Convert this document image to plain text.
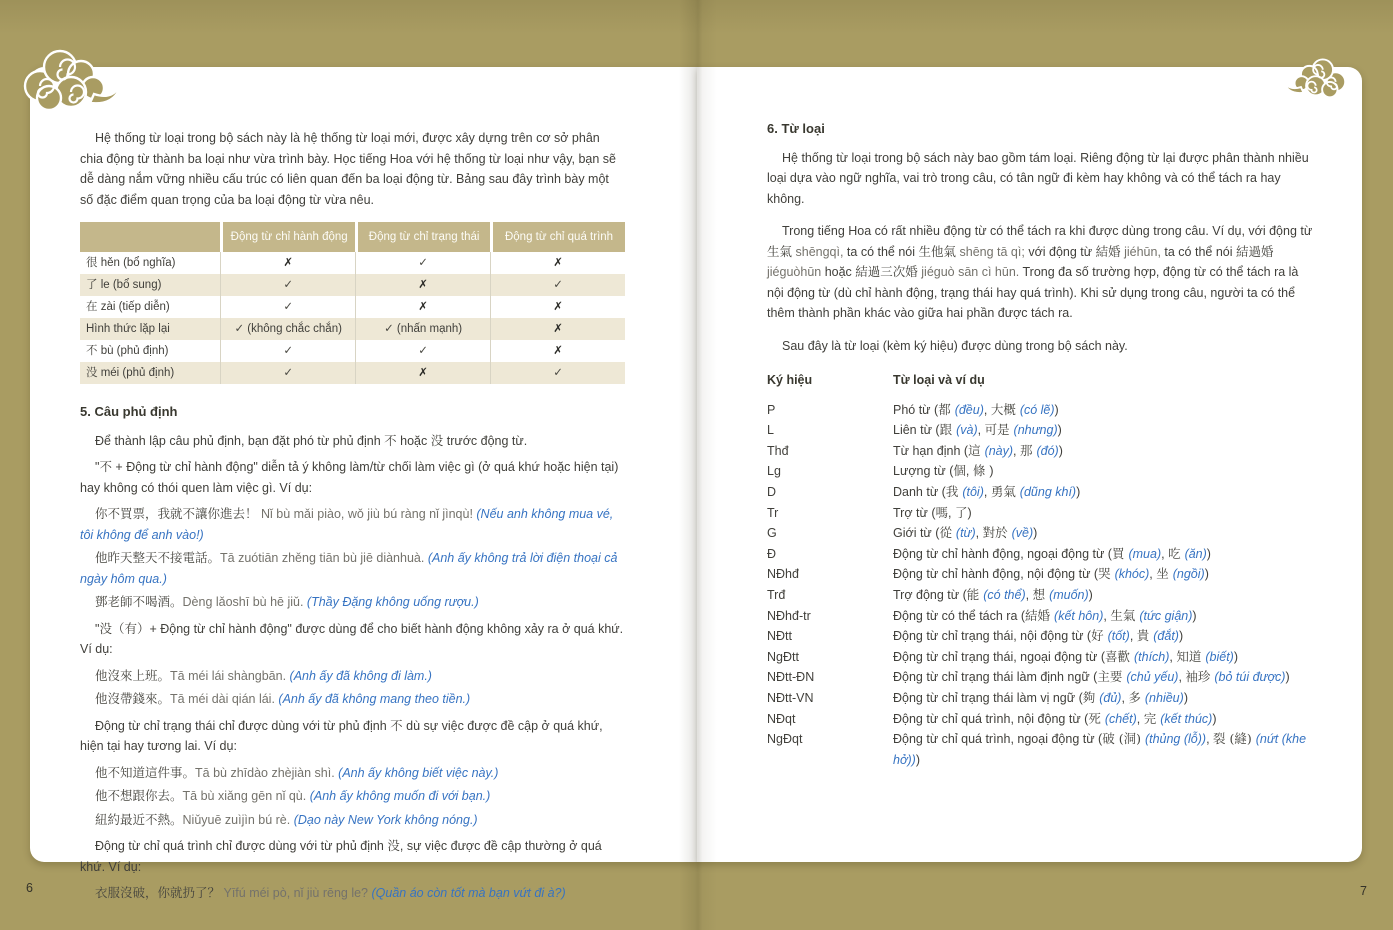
Hệ thống từ loại trong bộ sách này là hệ thống từ loại mới, được xây dựng trên cơ sở phân chia động từ thành ba loại như vừa trình bày. Học tiếng Hoa với hệ thống từ loại như vậy, bạn sẽ dễ dàng nắm vững nhiều cấu trúc có liên quan đến ba loại động từ. Bảng sau đây trình bày một số đặc điểm quan trọng của ba loại động từ vừa nêu.

	Động từ chỉ hành động	Động từ chỉ trạng thái	Động từ chỉ quá trình
很 hěn (bổ nghĩa)	✗	✓	✗
了 le (bổ sung)	✓	✗	✓
在 zài (tiếp diễn)	✓	✗	✗
Hình thức lặp lại	✓ (không chắc chắn)	✓ (nhấn mạnh)	✗
不 bù (phủ định)	✓	✓	✗
没 méi (phủ định)	✓	✗	✓
5. Câu phủ định

Để thành lập câu phủ định, bạn đặt phó từ phủ định 不 hoặc 没 trước động từ.

"不 + Động từ chỉ hành động" diễn tả ý không làm/từ chối làm việc gì (ở quá khứ hoặc hiện tại) hay không có thói quen làm việc gì. Ví dụ:

你不買票，我就不讓你進去！ Nǐ bù mǎi piào, wǒ jiù bú ràng nǐ jìnqù! (Nếu anh không mua vé, tôi không để anh vào!)

他昨天整天不接電話。Tā zuótiān zhěng tiān bù jiē diànhuà. (Anh ấy không trả lời điện thoại cả ngày hôm qua.)

鄧老師不喝酒。Dèng lǎoshī bù hē jiǔ. (Thầy Đặng không uống rượu.)

"没（有）+ Động từ chỉ hành động" được dùng để cho biết hành động không xảy ra ở quá khứ. Ví dụ:

他沒來上班。Tā méi lái shàngbān. (Anh ấy đã không đi làm.)

他沒帶錢來。Tā méi dài qián lái. (Anh ấy đã không mang theo tiền.)

Động từ chỉ trạng thái chỉ được dùng với từ phủ định 不 dù sự việc được đề cập ở quá khứ, hiện tại hay tương lai. Ví dụ:

他不知道這件事。Tā bù zhīdào zhèjiàn shì. (Anh ấy không biết việc này.)

他不想跟你去。Tā bù xiǎng gēn nǐ qù. (Anh ấy không muốn đi với bạn.)

紐約最近不熱。Niǔyuē zuìjìn bú rè. (Dạo này New York không nóng.)

Động từ chỉ quá trình chỉ được dùng với từ phủ định 没, sự việc được đề cập thường ở quá khứ. Ví dụ:

衣服沒破，你就扔了？ Yīfú méi pò, nǐ jiù rēng le? (Quần áo còn tốt mà bạn vứt đi à?)

6. Từ loại

Hệ thống từ loại trong bộ sách này bao gồm tám loại. Riêng động từ lại được phân thành nhiều loại dựa vào ngữ nghĩa, vai trò trong câu, có tân ngữ đi kèm hay không và có thể tách ra hay không.

Trong tiếng Hoa có rất nhiều động từ có thể tách ra khi được dùng trong câu. Ví dụ, với động từ 生氣 shēngqì, ta có thể nói 生他氣 shēng tā qì; với động từ 結婚 jiéhūn, ta có thể nói 結過婚 jiéguòhūn hoặc 結過三次婚 jiéguò sān cì hūn. Trong đa số trường hợp, động từ có thể tách ra là nội động từ (dù chỉ hành động, trạng thái hay quá trình). Khi sử dụng trong câu, người ta có thể thêm thành phần khác vào giữa hai phần được tách ra.

Sau đây là từ loại (kèm ký hiệu) được dùng trong bộ sách này.

Ký hiệu	Từ loại và ví dụ
P	Phó từ (都 (đều), 大概 (có lẽ))
L	Liên từ (跟 (và), 可是 (nhưng))
Thđ	Từ hạn định (這 (này), 那 (đó))
Lg	Lượng từ (個, 條 )
D	Danh từ (我 (tôi), 勇氣 (dũng khí))
Tr	Trợ từ (嗎, 了)
G	Giới từ (從 (từ), 對於 (về))
Đ	Động từ chỉ hành động, ngoại động từ (買 (mua), 吃 (ăn))
NĐhđ	Động từ chỉ hành động, nội động từ (哭 (khóc), 坐 (ngồi))
Trđ	Trợ động từ (能 (có thể), 想 (muốn))
NĐhđ-tr	Động từ có thể tách ra (結婚 (kết hôn), 生氣 (tức giận))
NĐtt	Động từ chỉ trạng thái, nội động từ (好 (tốt), 貴 (đắt))
NgĐtt	Động từ chỉ trạng thái, ngoại động từ (喜歡 (thích), 知道 (biết))
NĐtt-ĐN	Động từ chỉ trạng thái làm định ngữ (主要 (chủ yếu), 袖珍 (bỏ túi được))
NĐtt-VN	Động từ chỉ trạng thái làm vị ngữ (夠 (đủ), 多 (nhiều))
NĐqt	Động từ chỉ quá trình, nội động từ (死 (chết), 完 (kết thúc))
NgĐqt	Động từ chỉ quá trình, ngoại động từ (破 (洞) (thủng (lỗ)), 裂 (縫) (nứt (khe hở)))
6	7
